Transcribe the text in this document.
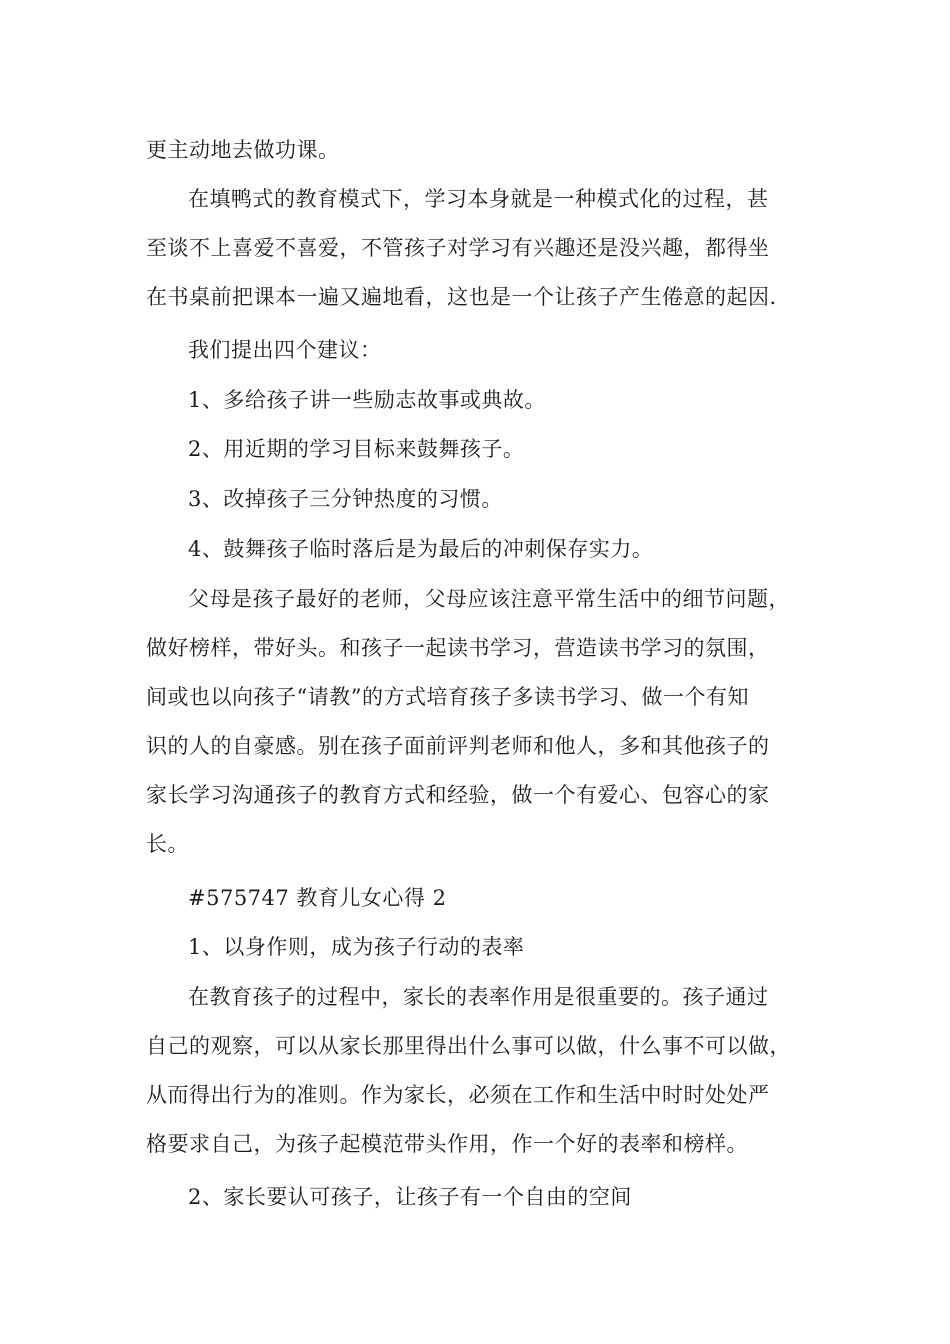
更主动地去做功课。
在填鸭式的教育模式下，学习本身就是一种模式化的过程，甚
至谈不上喜爱不喜爱，不管孩子对学习有兴趣还是没兴趣，都得坐
在书桌前把课本一遍又遍地看，这也是一个让孩子产生倦意的起因.
我们提出四个建议：
1、多给孩子讲一些励志故事或典故。
2、用近期的学习目标来鼓舞孩子。
3、改掉孩子三分钟热度的习惯。
4、鼓舞孩子临时落后是为最后的冲刺保存实力。
父母是孩子最好的老师，父母应该注意平常生活中的细节问题，
做好榜样，带好头。和孩子一起读书学习，营造读书学习的氛围，
间或也以向孩子“请教”的方式培育孩子多读书学习、做一个有知
识的人的自豪感。别在孩子面前评判老师和他人，多和其他孩子的
家长学习沟通孩子的教育方式和经验，做一个有爱心、包容心的家
长。
#575747 教育儿女心得 2
1、以身作则，成为孩子行动的表率
在教育孩子的过程中，家长的表率作用是很重要的。孩子通过
自己的观察，可以从家长那里得出什么事可以做，什么事不可以做，
从而得出行为的准则。作为家长，必须在工作和生活中时时处处严
格要求自己，为孩子起模范带头作用，作一个好的表率和榜样。
2、家长要认可孩子，让孩子有一个自由的空间
